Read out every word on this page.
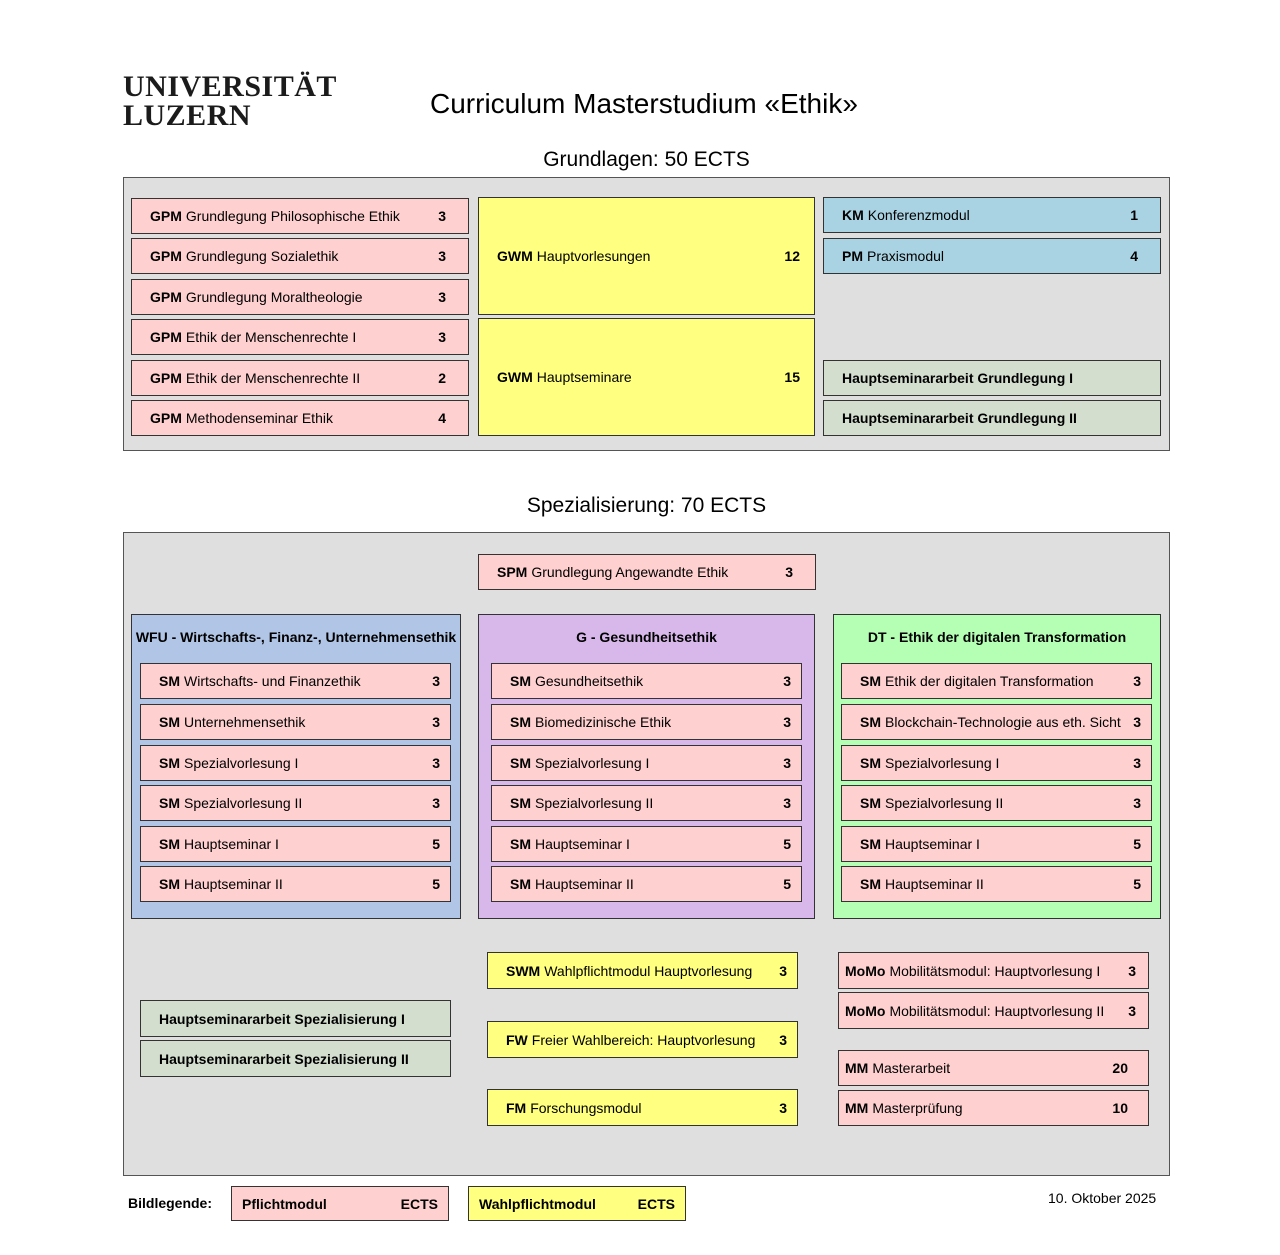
UNIVERSITÄT
LUZERN	Curriculum Masterstudium «Ethik»
Grundlagen: 50 ECTS
GPM Grundlegung Philosophische Ethik	3
GPM Grundlegung Sozialethik	3
GPM Grundlegung Moraltheologie	3
GPM Ethik der Menschenrechte I	3
GPM Ethik der Menschenrechte II	2
GPM Methodenseminar Ethik	4
GWM Hauptvorlesungen	12
GWM Hauptseminare	15
KM Konferenzmodul	1
PM Praxismodul	4
Hauptseminararbeit Grundlegung I
Hauptseminararbeit Grundlegung II
Spezialisierung: 70 ECTS
SPM Grundlegung Angewandte Ethik	3
WFU - Wirtschafts-, Finanz-, Unternehmensethik
SM Wirtschafts- und Finanzethik	3
SM Unternehmensethik	3
SM Spezialvorlesung I	3
SM Spezialvorlesung II	3
SM Hauptseminar I	5
SM Hauptseminar II	5
G - Gesundheitsethik
SM Gesundheitsethik	3
SM Biomedizinische Ethik	3
SM Spezialvorlesung I	3
SM Spezialvorlesung II	3
SM Hauptseminar I	5
SM Hauptseminar II	5
DT - Ethik der digitalen Transformation
SM Ethik der digitalen Transformation	3
SM Blockchain-Technologie aus eth. Sicht 3
SM Spezialvorlesung I	3
SM Spezialvorlesung II	3
SM Hauptseminar I	5
SM Hauptseminar II	5
Hauptseminararbeit Spezialisierung I
Hauptseminararbeit Spezialisierung II
SWM Wahlpflichtmodul Hauptvorlesung	3
FW Freier Wahlbereich: Hauptvorlesung	3
FM Forschungsmodul	3
MoMo Mobilitätsmodul: Hauptvorlesung I	3
MoMo Mobilitätsmodul: Hauptvorlesung II	3
MM Masterarbeit	20
MM Masterprüfung	10
Bildlegende: Pflichtmodul	ECTS	Wahlpflichtmodul	ECTS	10. Oktober 2025
